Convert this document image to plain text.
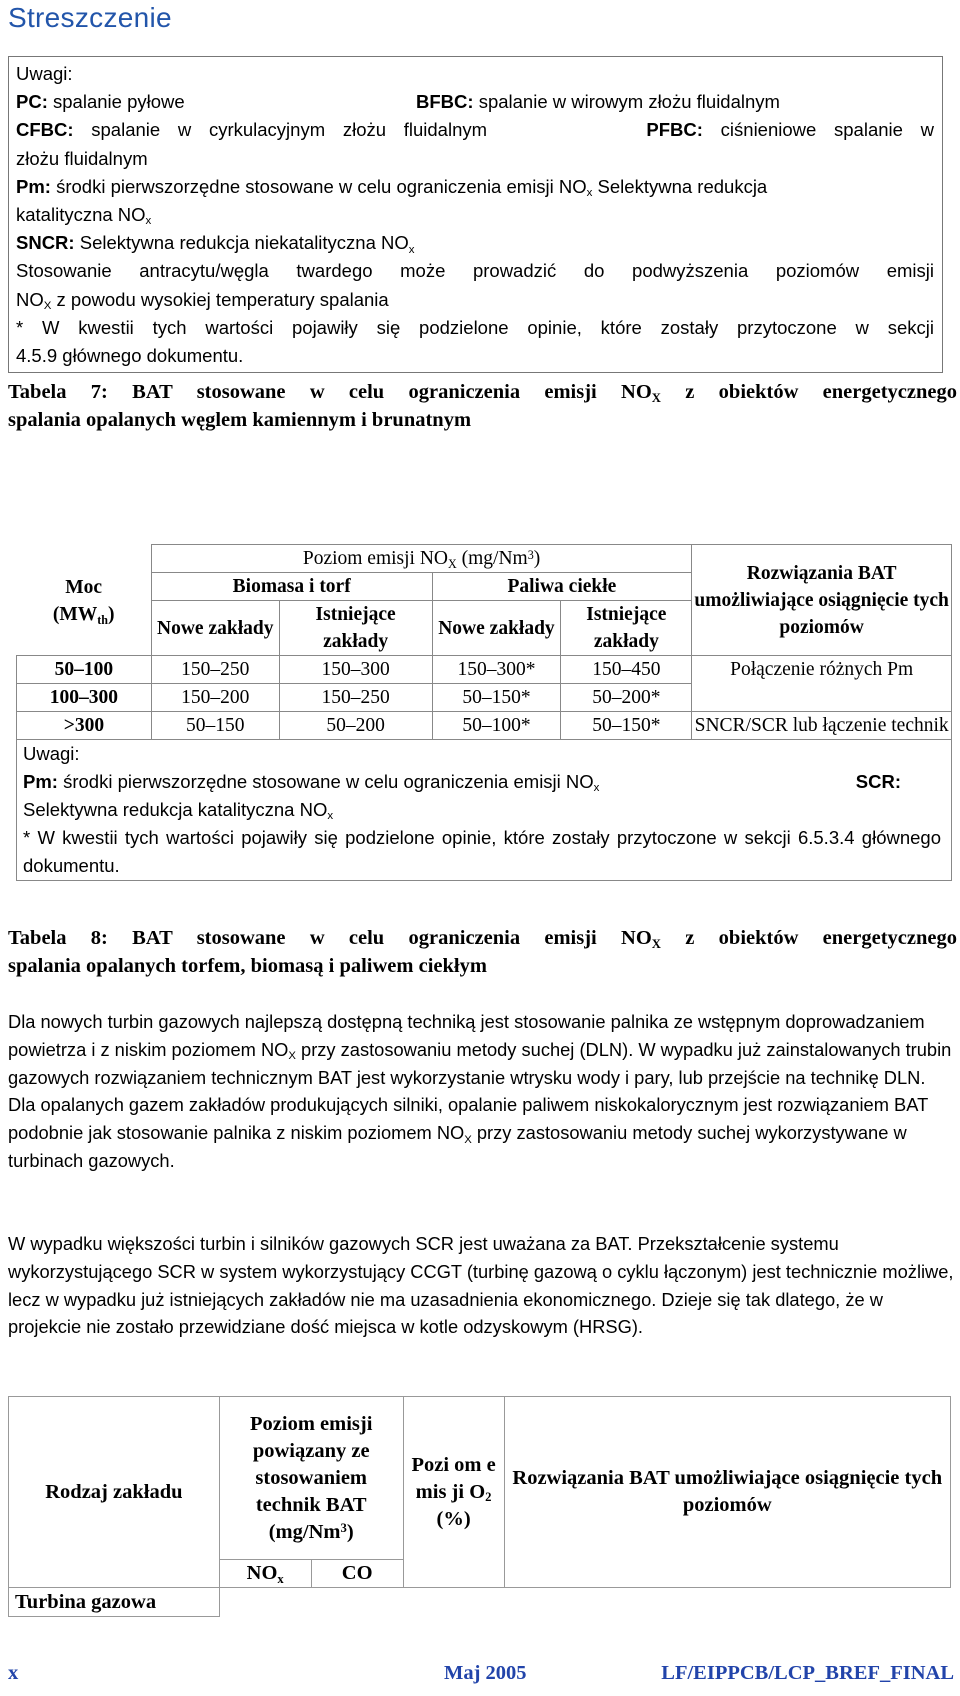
Streszczenie

Uwagi:

PC: spalanie pyłowe	BFBC: spalanie w wirowym złożu fluidalnym
CFBC: spalanie w cyrkulacyjnym złożu fluidalnym	PFBC: ciśnieniowe spalanie w

złożu fluidalnym

Pm: środki pierwszorzędne stosowane w celu ograniczenia emisji $NO_x$ Selektywna redukcja

katalityczna $NO_x$

SNCR: Selektywna redukcja niekatalityczna $NO_x$

Stosowanie antracytu/węgla twardego może prowadzić do podwyższenia poziomów emisji

$NO_X$ z powodu wysokiej temperatury spalania

* W kwestii tych wartości pojawiły się podzielone opinie, które zostały przytoczone w sekcji

4.5.9 głównego dokumentu.

Tabela 7: BAT stosowane w celu ograniczenia emisji $NO_X$ z obiektów energetycznego
spalania opalanych węglem kamiennym i brunatnym
Moc
$(MW_{th})$	Poziom emisji $NO_X$ (mg/Nm$^3$)				Rozwiązania BAT umożliwiające osiągnięcie tych poziomów
	Biomasa i torf		Paliwa ciekłe		
	Nowe zakłady	Istniejące zakłady	Nowe zakłady	Istniejące zakłady	
50–100	150–250	150–300	150–300*	150–450	Połączenie różnych Pm
100–300	150–200	150–250	50–150*	50–200*	
>300	50–150	50–200	50–100*	50–150*	SNCR/SCR lub łączenie technik

Uwagi:
Pm: środki pierwszorzędne stosowane w celu ograniczenia emisji $NO_x$ SCR:
Selektywna redukcja katalityczna $NO_x$
* W kwestii tych wartości pojawiły się podzielone opinie, które zostały przytoczone w sekcji 6.5.3.4 głównego dokumentu.					
Tabela 8: BAT stosowane w celu ograniczenia emisji $NO_X$ z obiektów energetycznego
spalania opalanych torfem, biomasą i paliwem ciekłym

Dla nowych turbin gazowych najlepszą dostępną techniką jest stosowanie palnika ze wstępnym doprowadzaniem powietrza i z niskim poziomem $NO_X$ przy zastosowaniu metody suchej (DLN). W wypadku już zainstalowanych trubin gazowych rozwiązaniem technicznym BAT jest wykorzystanie wtrysku wody i pary, lub przejście na technikę DLN. Dla opalanych gazem zakładów produkujących silniki, opalanie paliwem niskokalorycznym jest rozwiązaniem BAT podobnie jak stosowanie palnika z niskim poziomem $NO_X$ przy zastosowaniu metody suchej wykorzystywane w turbinach gazowych.

W wypadku większości turbin i silników gazowych SCR jest uważana za BAT. Przekształcenie systemu wykorzystującego SCR w system wykorzystujący CCGT (turbinę gazową o cyklu łączonym) jest technicznie możliwe, lecz w wypadku już istniejących zakładów nie ma uzasadnienia ekonomicznego. Dzieje się tak dlatego, że w projekcie nie zostało przewidziane dość miejsca w kotle odzyskowym (HRSG).

Rodzaj zakładu	Poziom emisji powiązany ze stosowaniem technik BAT (mg/Nm$^3$)		Pozi om emis ji $O_2$ (%)	Rozwiązania BAT umożliwiające osiągnięcie tych poziomów
	$NO_x$	CO		
Turbina gazowa				
x	Maj 2005	LF/EIPPCB/LCP_BREF_FINAL
